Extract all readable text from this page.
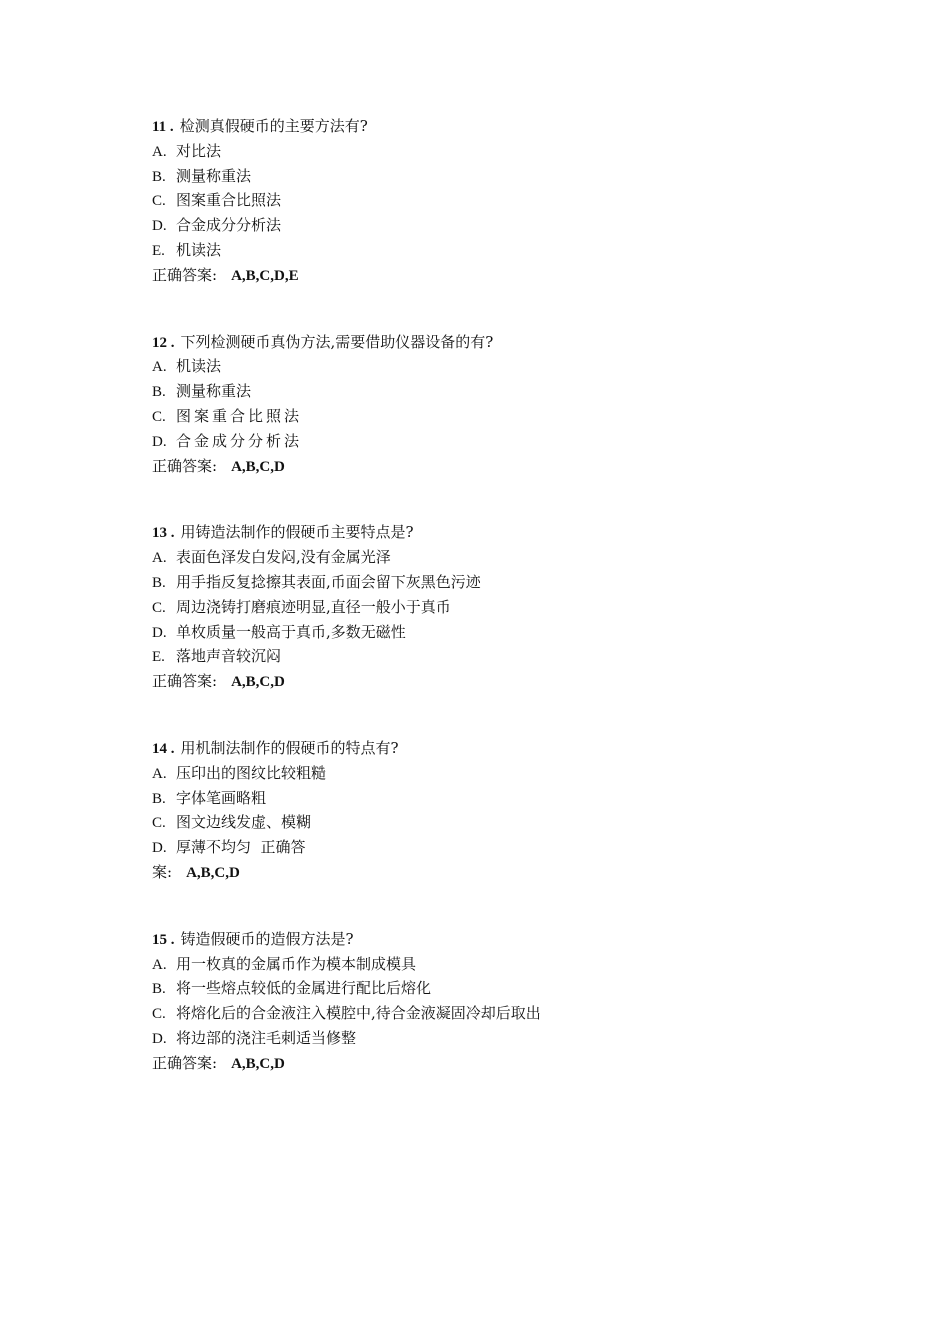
11 . 检测真假硬币的主要方法有?
A. 对比法
B. 测量称重法
C. 图案重合比照法
D. 合金成分分析法
E. 机读法
正确答案: A,B,C,D,E
12 . 下列检测硬币真伪方法,需要借助仪器设备的有?
A. 机读法
B. 测量称重法
C. 图案重合比照法
D. 合金成分分析法
正确答案: A,B,C,D
13 . 用铸造法制作的假硬币主要特点是?
A. 表面色泽发白发闷,没有金属光泽
B. 用手指反复捻擦其表面,币面会留下灰黑色污迹
C. 周边浇铸打磨痕迹明显,直径一般小于真币
D. 单枚质量一般高于真币,多数无磁性
E. 落地声音较沉闷
正确答案: A,B,C,D
14 . 用机制法制作的假硬币的特点有?
A. 压印出的图纹比较粗糙
B. 字体笔画略粗
C. 图文边线发虚、模糊
D. 厚薄不均匀  正确答
案: A,B,C,D
15 . 铸造假硬币的造假方法是?
A. 用一枚真的金属币作为模本制成模具
B. 将一些熔点较低的金属进行配比后熔化
C. 将熔化后的合金液注入模腔中,待合金液凝固冷却后取出
D. 将边部的浇注毛刺适当修整
正确答案: A,B,C,D
